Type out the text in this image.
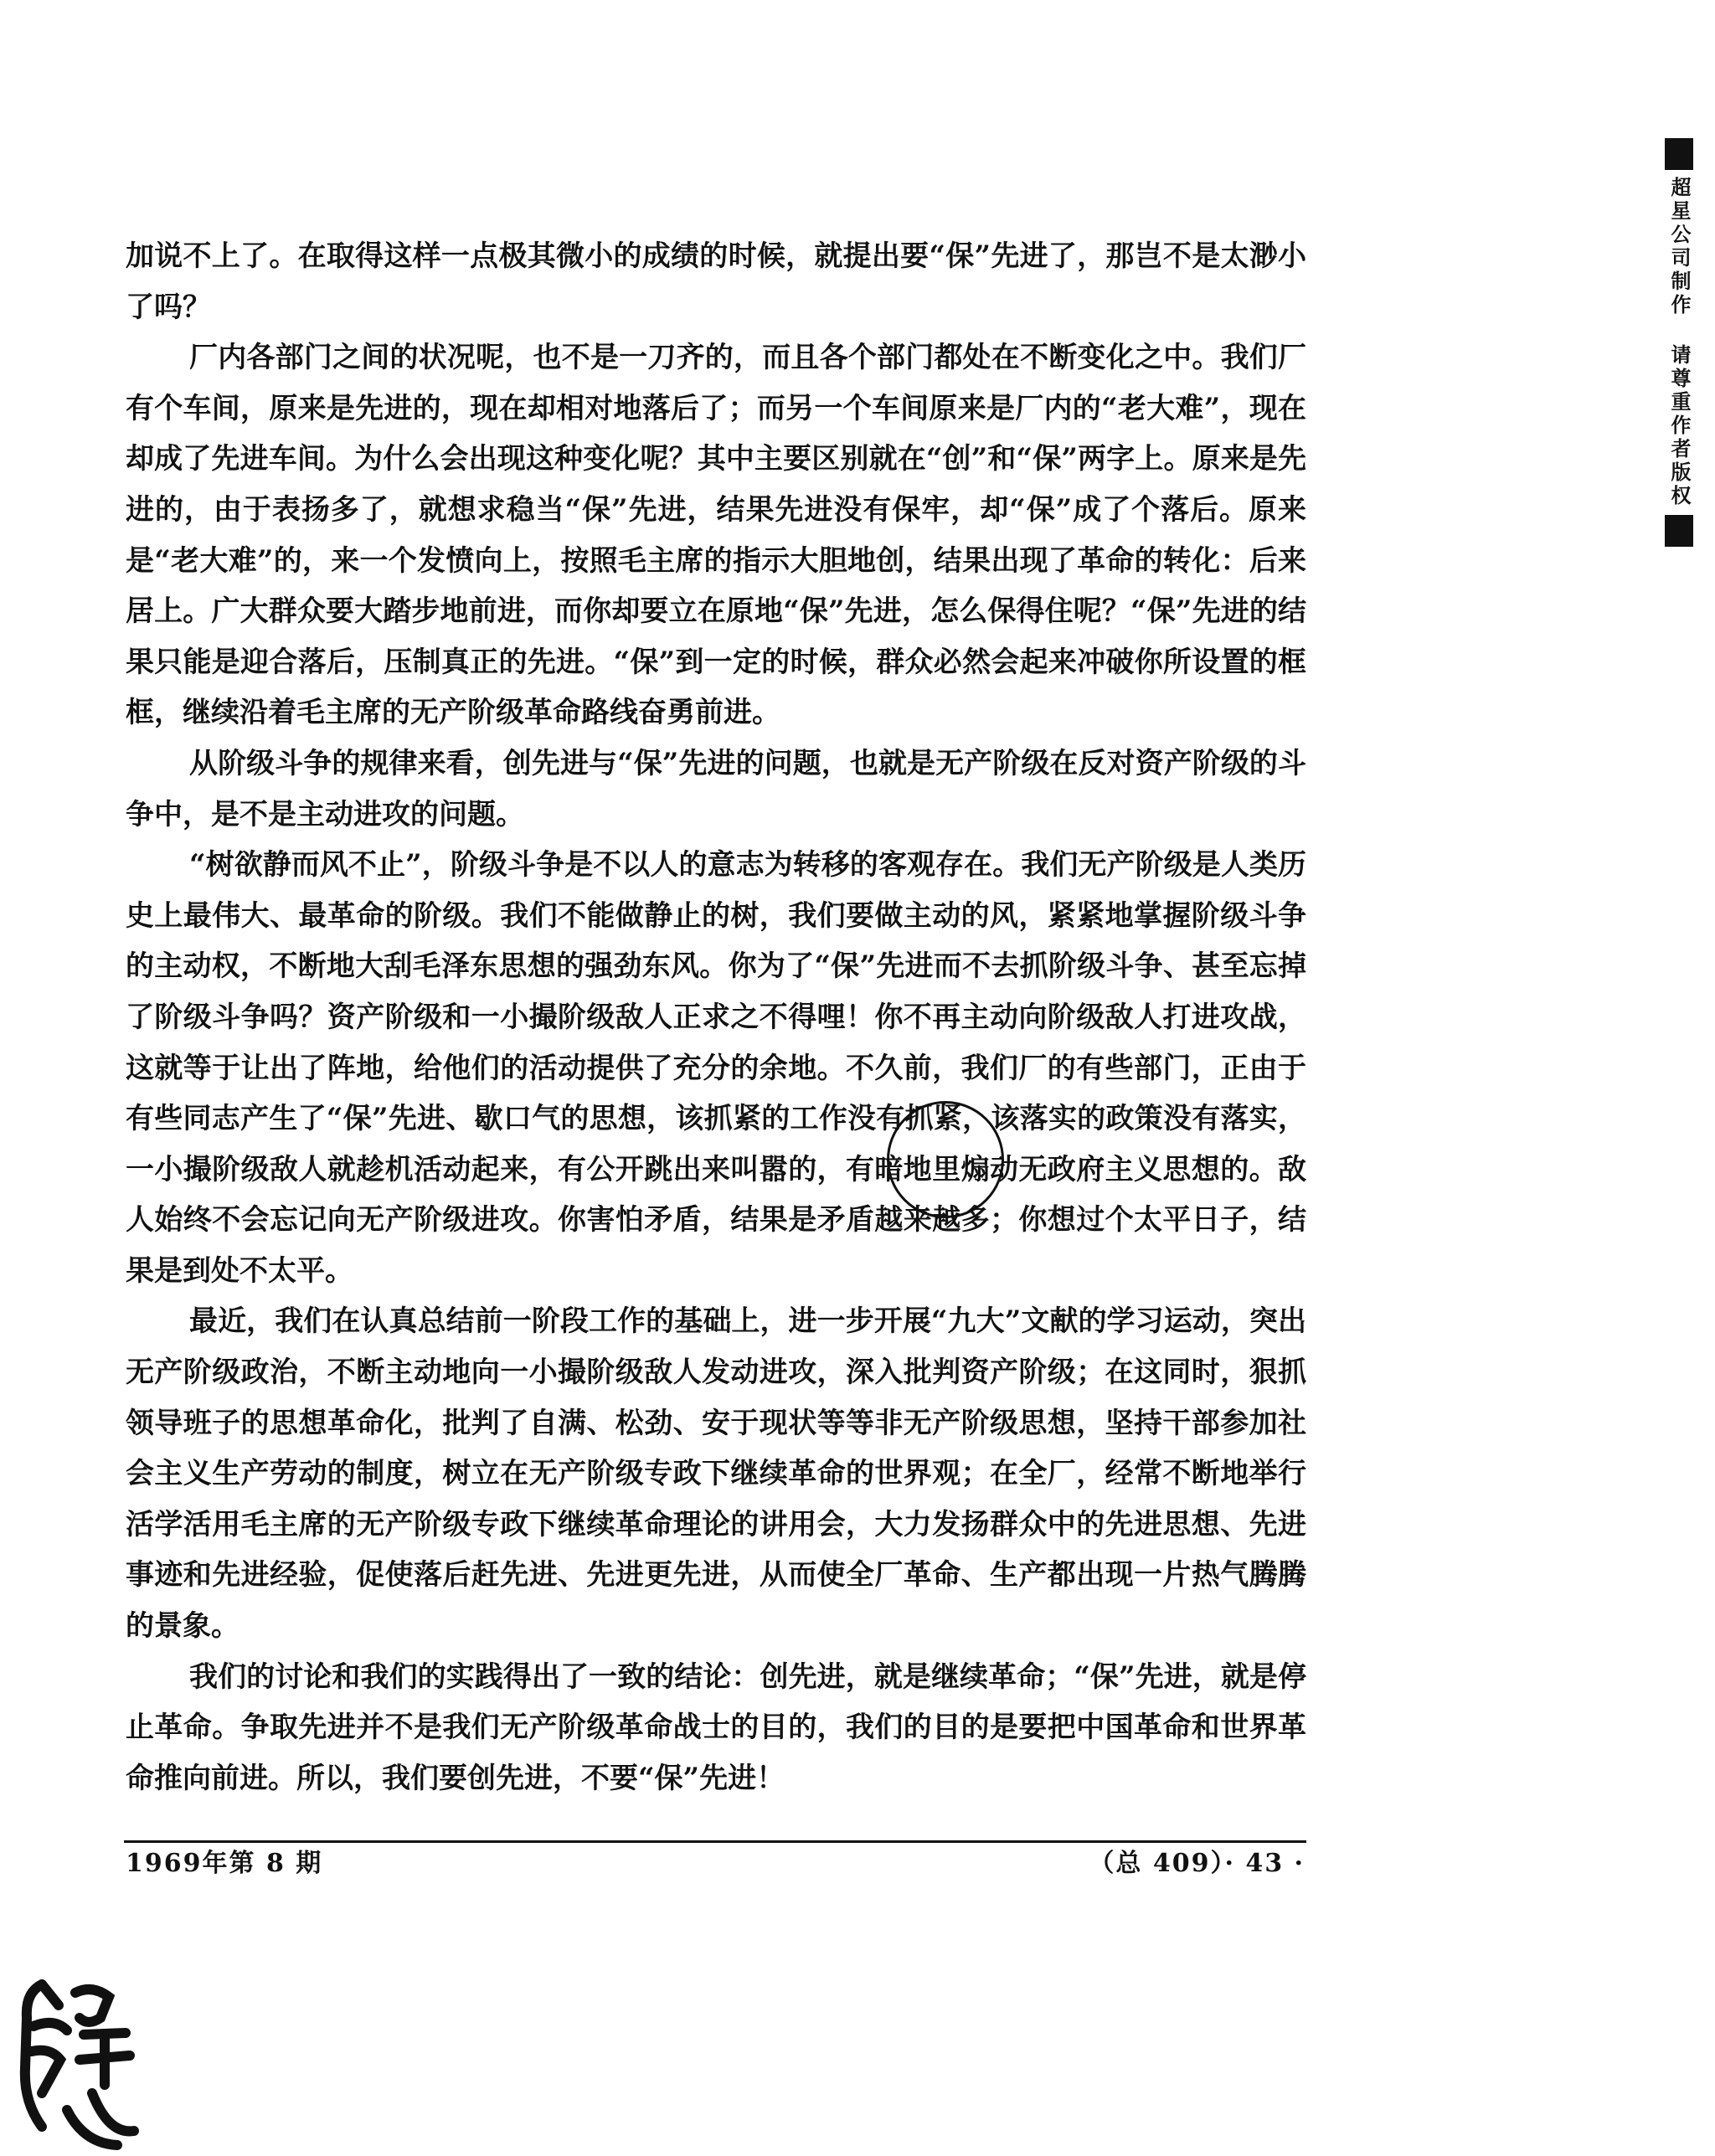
加说不上了。在取得这样一点极其微小的成绩的时候，就提出要“保”先进了，那岂不是太渺小了吗？

厂内各部门之间的状况呢，也不是一刀齐的，而且各个部门都处在不断变化之中。我们厂有个车间，原来是先进的，现在却相对地落后了；而另一个车间原来是厂内的“老大难”，现在却成了先进车间。为什么会出现这种变化呢？其中主要区别就在“创”和“保”两字上。原来是先进的，由于表扬多了，就想求稳当“保”先进，结果先进没有保牢，却“保”成了个落后。原来是“老大难”的，来一个发愤向上，按照毛主席的指示大胆地创，结果出现了革命的转化：后来居上。广大群众要大踏步地前进，而你却要立在原地“保”先进，怎么保得住呢？“保”先进的结果只能是迎合落后，压制真正的先进。“保”到一定的时候，群众必然会起来冲破你所设置的框框，继续沿着毛主席的无产阶级革命路线奋勇前进。

从阶级斗争的规律来看，创先进与“保”先进的问题，也就是无产阶级在反对资产阶级的斗争中，是不是主动进攻的问题。

“树欲静而风不止”，阶级斗争是不以人的意志为转移的客观存在。我们无产阶级是人类历史上最伟大、最革命的阶级。我们不能做静止的树，我们要做主动的风，紧紧地掌握阶级斗争的主动权，不断地大刮毛泽东思想的强劲东风。你为了“保”先进而不去抓阶级斗争、甚至忘掉了阶级斗争吗？资产阶级和一小撮阶级敌人正求之不得哩！你不再主动向阶级敌人打进攻战，这就等于让出了阵地，给他们的活动提供了充分的余地。不久前，我们厂的有些部门，正由于有些同志产生了“保”先进、歇口气的思想，该抓紧的工作没有抓紧，该落实的政策没有落实，一小撮阶级敌人就趁机活动起来，有公开跳出来叫嚣的，有暗地里煽动无政府主义思想的。敌人始终不会忘记向无产阶级进攻。你害怕矛盾，结果是矛盾越来越多；你想过个太平日子，结果是到处不太平。

最近，我们在认真总结前一阶段工作的基础上，进一步开展“九大”文献的学习运动，突出无产阶级政治，不断主动地向一小撮阶级敌人发动进攻，深入批判资产阶级；在这同时，狠抓领导班子的思想革命化，批判了自满、松劲、安于现状等等非无产阶级思想，坚持干部参加社会主义生产劳动的制度，树立在无产阶级专政下继续革命的世界观；在全厂，经常不断地举行活学活用毛主席的无产阶级专政下继续革命理论的讲用会，大力发扬群众中的先进思想、先进事迹和先进经验，促使落后赶先进、先进更先进，从而使全厂革命、生产都出现一片热气腾腾的景象。

我们的讨论和我们的实践得出了一致的结论：创先进，就是继续革命；“保”先进，就是停止革命。争取先进并不是我们无产阶级革命战士的目的，我们的目的是要把中国革命和世界革命推向前进。所以，我们要创先进，不要“保”先进！

1969年第 8 期	（总 409）· 43 ·
超星公司制作 请尊重作者版权
